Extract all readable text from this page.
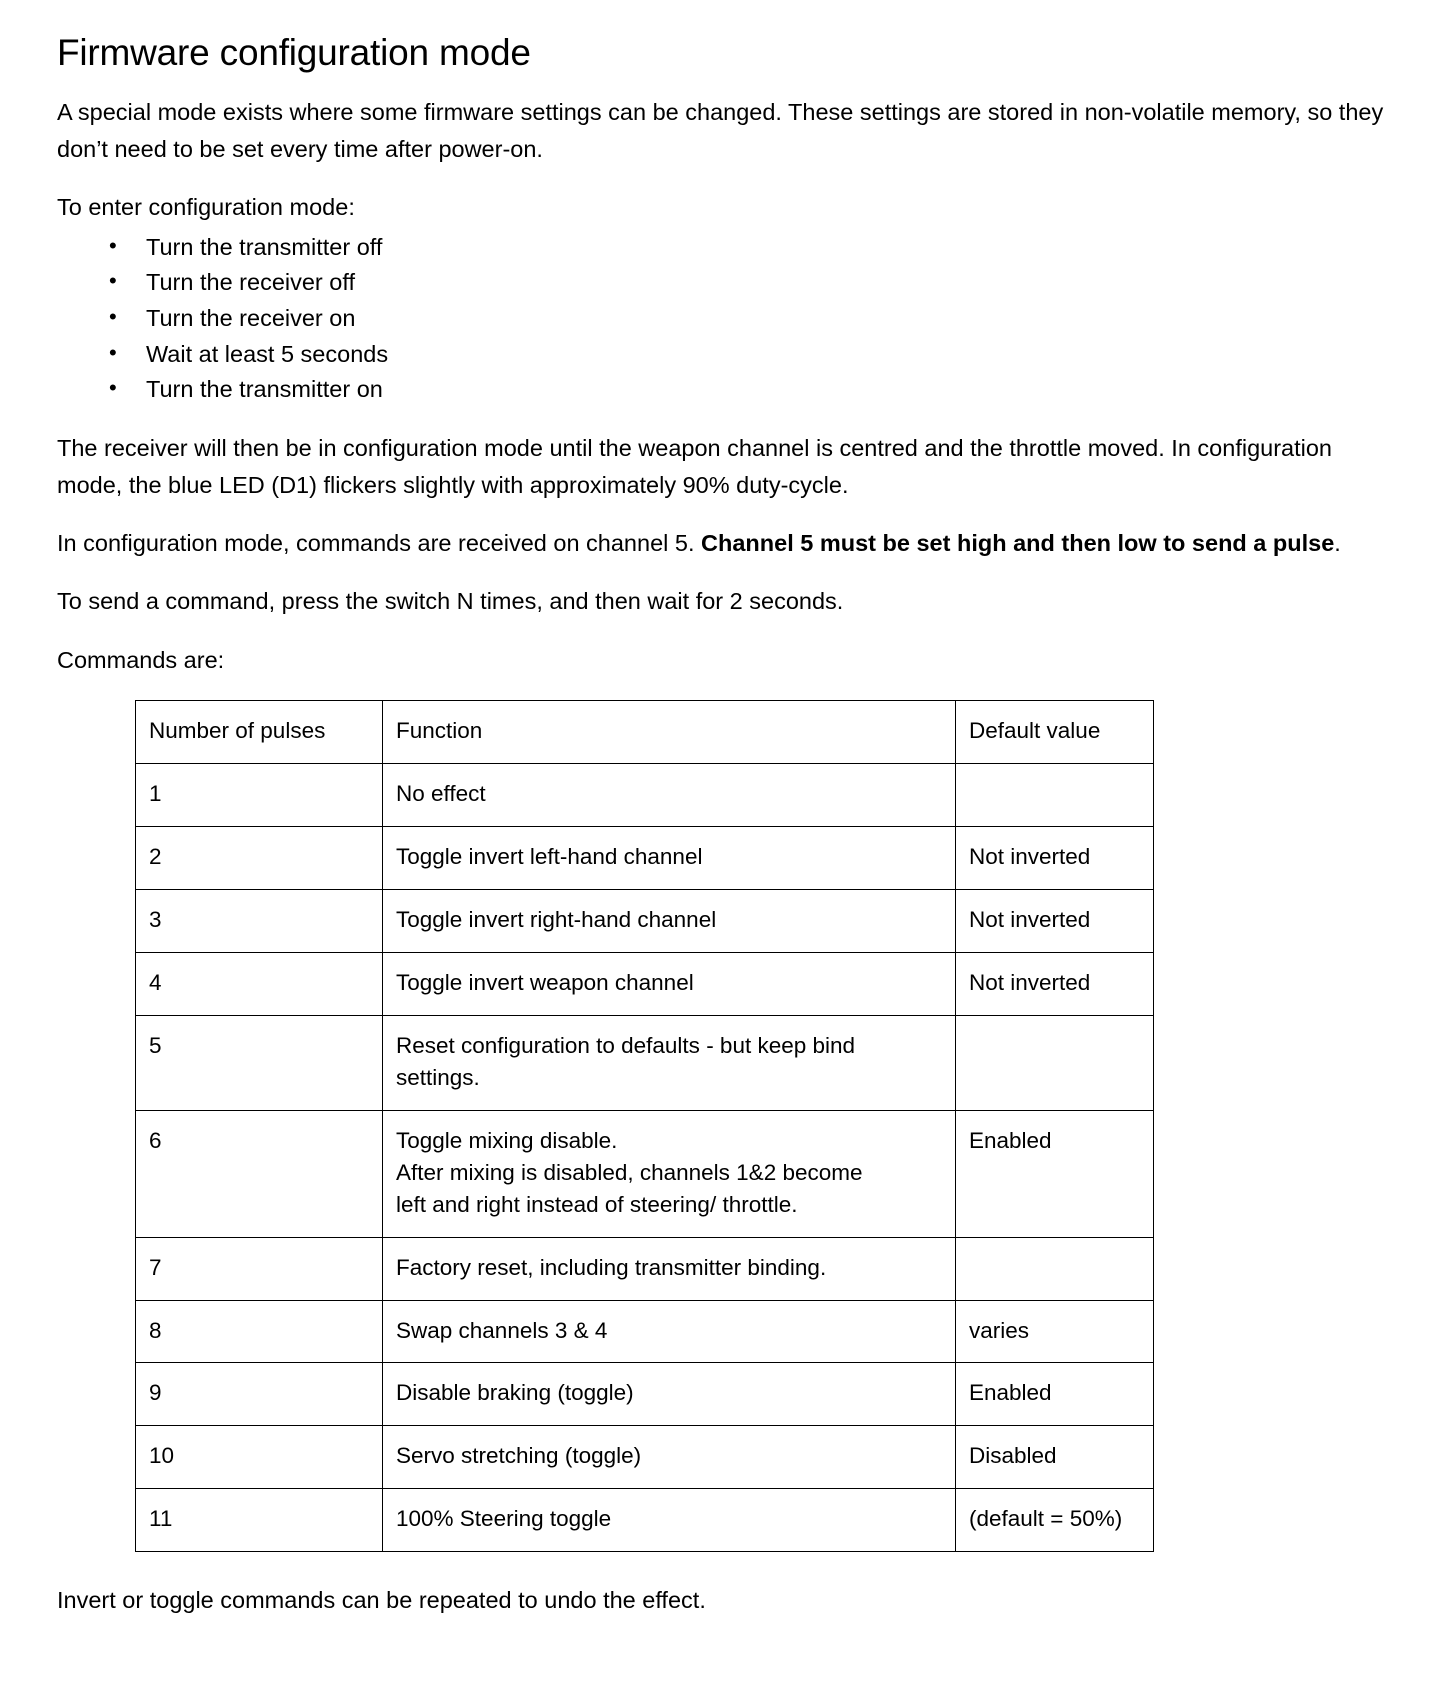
Firmware configuration mode

A special mode exists where some firmware settings can be changed. These settings are stored in non-volatile memory, so they don’t need to be set every time after power-on.

To enter configuration mode:

• Turn the transmitter off
• Turn the receiver off
• Turn the receiver on
• Wait at least 5 seconds
• Turn the transmitter on

The receiver will then be in configuration mode until the weapon channel is centred and the throttle moved. In configuration mode, the blue LED (D1) flickers slightly with approximately 90% duty-cycle.

In configuration mode, commands are received on channel 5. Channel 5 must be set high and then low to send a pulse.

To send a command, press the switch N times, and then wait for 2 seconds.

Commands are:

Number of pulses	Function	Default value
1	No effect	

2	Toggle invert left-hand channel	Not inverted
3	Toggle invert right-hand channel	Not inverted
4	Toggle invert weapon channel	Not inverted
5	Reset configuration to defaults - but keep bind
settings.	

6	Toggle mixing disable.
After mixing is disabled, channels 1&2 become
left and right instead of steering/ throttle.	Enabled
7	Factory reset, including transmitter binding.	

8	Swap channels 3 & 4	varies
9	Disable braking (toggle)	Enabled
10	Servo stretching (toggle)	Disabled
11	100% Steering toggle	(default = 50%)

Invert or toggle commands can be repeated to undo the effect.
